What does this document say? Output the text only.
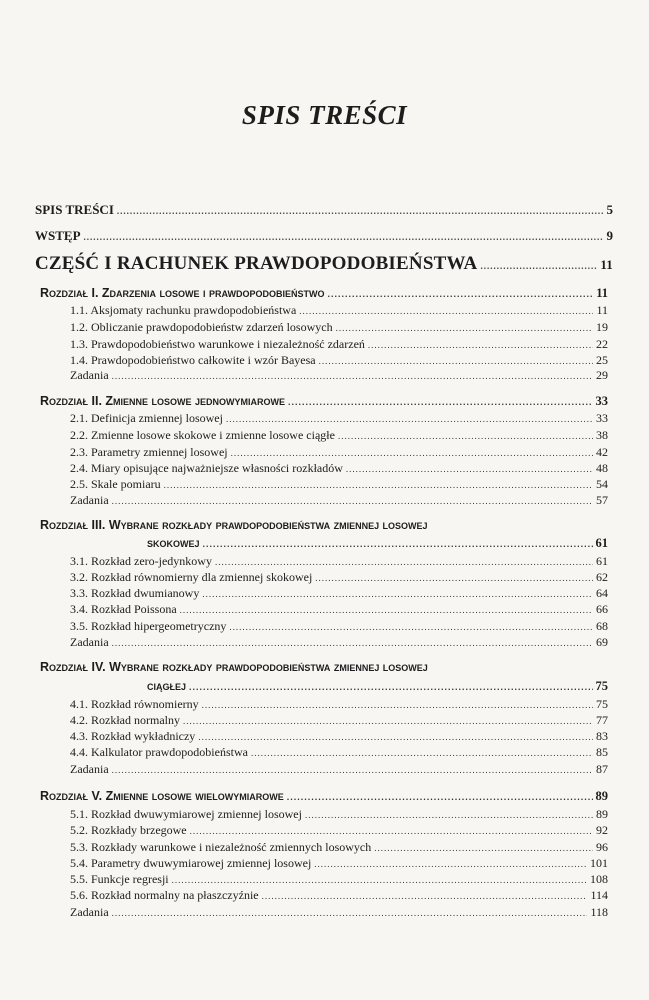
SPIS TREŚCI
SPIS TREŚCI .....	5
WSTĘP .....	9
CZĘŚĆ I RACHUNEK PRAWDOPODOBIEŃSTWA .....	11
Rozdział I. Zdarzenia losowe i prawdopodobieństwo .....	11
1.1. Aksjomaty rachunku prawdopodobieństwa .....	11
1.2. Obliczanie prawdopodobieństw zdarzeń losowych .....	19
1.3. Prawdopodobieństwo warunkowe i niezależność zdarzeń .....	22
1.4. Prawdopodobieństwo całkowite i wzór Bayesa .....	25
Zadania .....	29
Rozdział II. Zmienne losowe jednowymiarowe .....	33
2.1. Definicja zmiennej losowej .....	33
2.2. Zmienne losowe skokowe i zmienne losowe ciągłe .....	38
2.3. Parametry zmiennej losowej .....	42
2.4. Miary opisujące najważniejsze własności rozkładów .....	48
2.5. Skale pomiaru .....	54
Zadania .....	57
Rozdział III. Wybrane rozkłady prawdopodobieństwa zmiennej losowej
skokowej .....	61
3.1. Rozkład zero-jedynkowy .....	61
3.2. Rozkład równomierny dla zmiennej skokowej .....	62
3.3. Rozkład dwumianowy .....	64
3.4. Rozkład Poissona .....	66
3.5. Rozkład hipergeometryczny .....	68
Zadania .....	69
Rozdział IV. Wybrane rozkłady prawdopodobieństwa zmiennej losowej
ciągłej .....	75
4.1. Rozkład równomierny .....	75
4.2. Rozkład normalny .....	77
4.3. Rozkład wykładniczy .....	83
4.4. Kalkulator prawdopodobieństwa .....	85
Zadania .....	87
Rozdział V. Zmienne losowe wielowymiarowe .....	89
5.1. Rozkład dwuwymiarowej zmiennej losowej .....	89
5.2. Rozkłady brzegowe .....	92
5.3. Rozkłady warunkowe i niezależność zmiennych losowych .....	96
5.4. Parametry dwuwymiarowej zmiennej losowej .....	101
5.5. Funkcje regresji .....	108
5.6. Rozkład normalny na płaszczyźnie .....	114
Zadania .....	118
